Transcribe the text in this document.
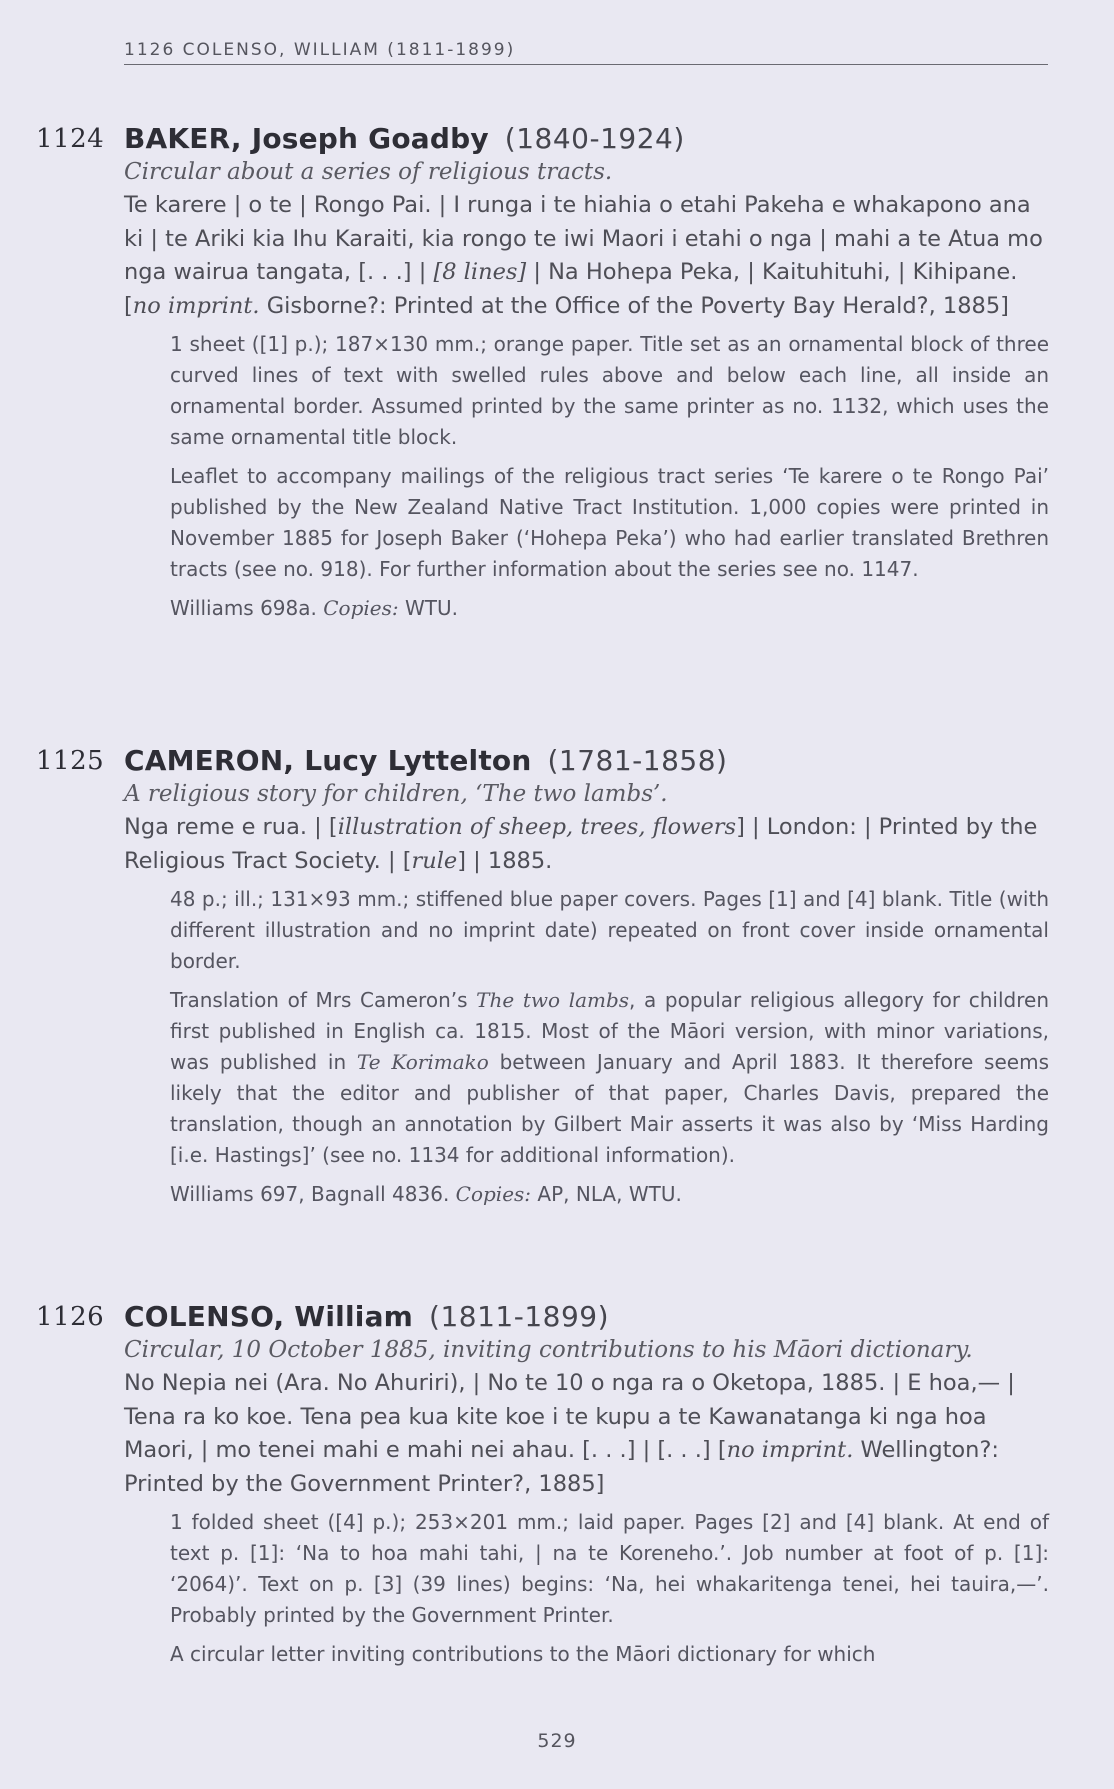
1126 COLENSO, WILLIAM (1811-1899)
1124 BAKER, Joseph Goadby (1840-1924)
Circular about a series of religious tracts.

Te karere | o te | Rongo Pai. | I runga i te hiahia o etahi Pakeha e whakapono ana ki | te Ariki kia Ihu Karaiti, kia rongo te iwi Maori i etahi o nga | mahi a te Atua mo nga wairua tangata, [. . .] | [8 lines] | Na Hohepa Peka, | Kaituhituhi, | Kihipane. [no imprint. Gisborne?: Printed at the Office of the Poverty Bay Herald?, 1885]

1 sheet ([1] p.); 187×130 mm.; orange paper. Title set as an ornamental block of three curved lines of text with swelled rules above and below each line, all inside an ornamental border. Assumed printed by the same printer as no. 1132, which uses the same ornamental title block.

Leaflet to accompany mailings of the religious tract series ‘Te karere o te Rongo Pai’ published by the New Zealand Native Tract Institution. 1,000 copies were printed in November 1885 for Joseph Baker (‘Hohepa Peka’) who had earlier translated Brethren tracts (see no. 918). For further information about the series see no. 1147.

Williams 698a. Copies: WTU.
1125 CAMERON, Lucy Lyttelton (1781-1858)
A religious story for children, ‘The two lambs’.

Nga reme e rua. | [illustration of sheep, trees, flowers] | London: | Printed by the Religious Tract Society. | [rule] | 1885.

48 p.; ill.; 131×93 mm.; stiffened blue paper covers. Pages [1] and [4] blank. Title (with different illustration and no imprint date) repeated on front cover inside ornamental border.

Translation of Mrs Cameron’s The two lambs, a popular religious allegory for children first published in English ca. 1815. Most of the Māori version, with minor variations, was published in Te Korimako between January and April 1883. It therefore seems likely that the editor and publisher of that paper, Charles Davis, prepared the translation, though an annotation by Gilbert Mair asserts it was also by ‘Miss Harding [i.e. Hastings]’ (see no. 1134 for additional information).

Williams 697, Bagnall 4836. Copies: AP, NLA, WTU.
1126 COLENSO, William (1811-1899)
Circular, 10 October 1885, inviting contributions to his Māori dictionary.

No Nepia nei (Ara. No Ahuriri), | No te 10 o nga ra o Oketopa, 1885. | E hoa,— | Tena ra ko koe. Tena pea kua kite koe i te kupu a te Kawanatanga ki nga hoa Maori, | mo tenei mahi e mahi nei ahau. [. . .] | [. . .] [no imprint. Wellington?: Printed by the Government Printer?, 1885]

1 folded sheet ([4] p.); 253×201 mm.; laid paper. Pages [2] and [4] blank. At end of text p. [1]: ‘Na to hoa mahi tahi, | na te Koreneho.’. Job number at foot of p. [1]: ‘2064)’. Text on p. [3] (39 lines) begins: ‘Na, hei whakaritenga tenei, hei tauira,—’. Probably printed by the Government Printer.

A circular letter inviting contributions to the Māori dictionary for which

529
